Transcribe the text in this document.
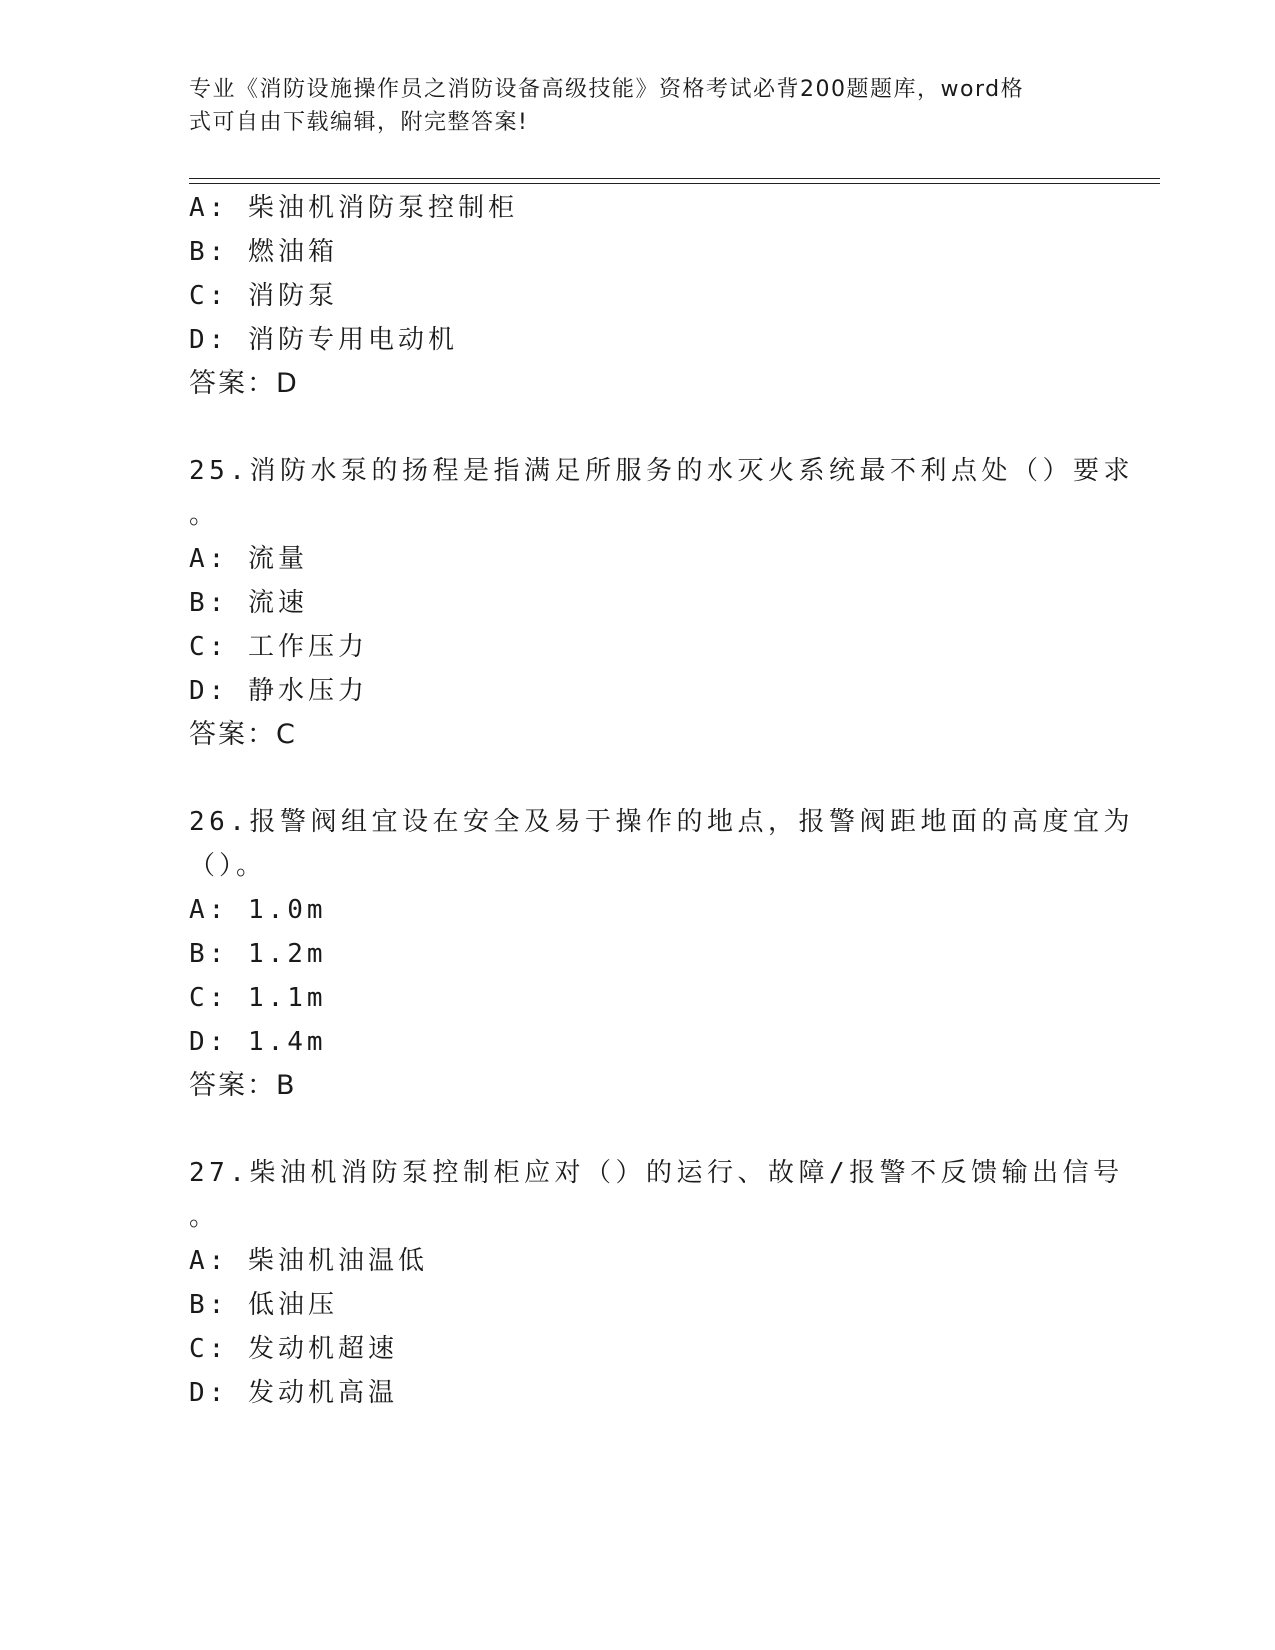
专业《消防设施操作员之消防设备高级技能》资格考试必背200题题库，word格
式可自由下载编辑，附完整答案!
A: 柴油机消防泵控制柜
B: 燃油箱
C: 消防泵
D: 消防专用电动机
答案：D
25.消防水泵的扬程是指满足所服务的水灭火系统最不利点处（）要求
。
A: 流量
B: 流速
C: 工作压力
D: 静水压力
答案：C
26.报警阀组宜设在安全及易于操作的地点，报警阀距地面的高度宜为
（）。
A: 1.0m
B: 1.2m
C: 1.1m
D: 1.4m
答案：B
27.柴油机消防泵控制柜应对（）的运行、故障/报警不反馈输出信号
。
A: 柴油机油温低
B: 低油压
C: 发动机超速
D: 发动机高温
